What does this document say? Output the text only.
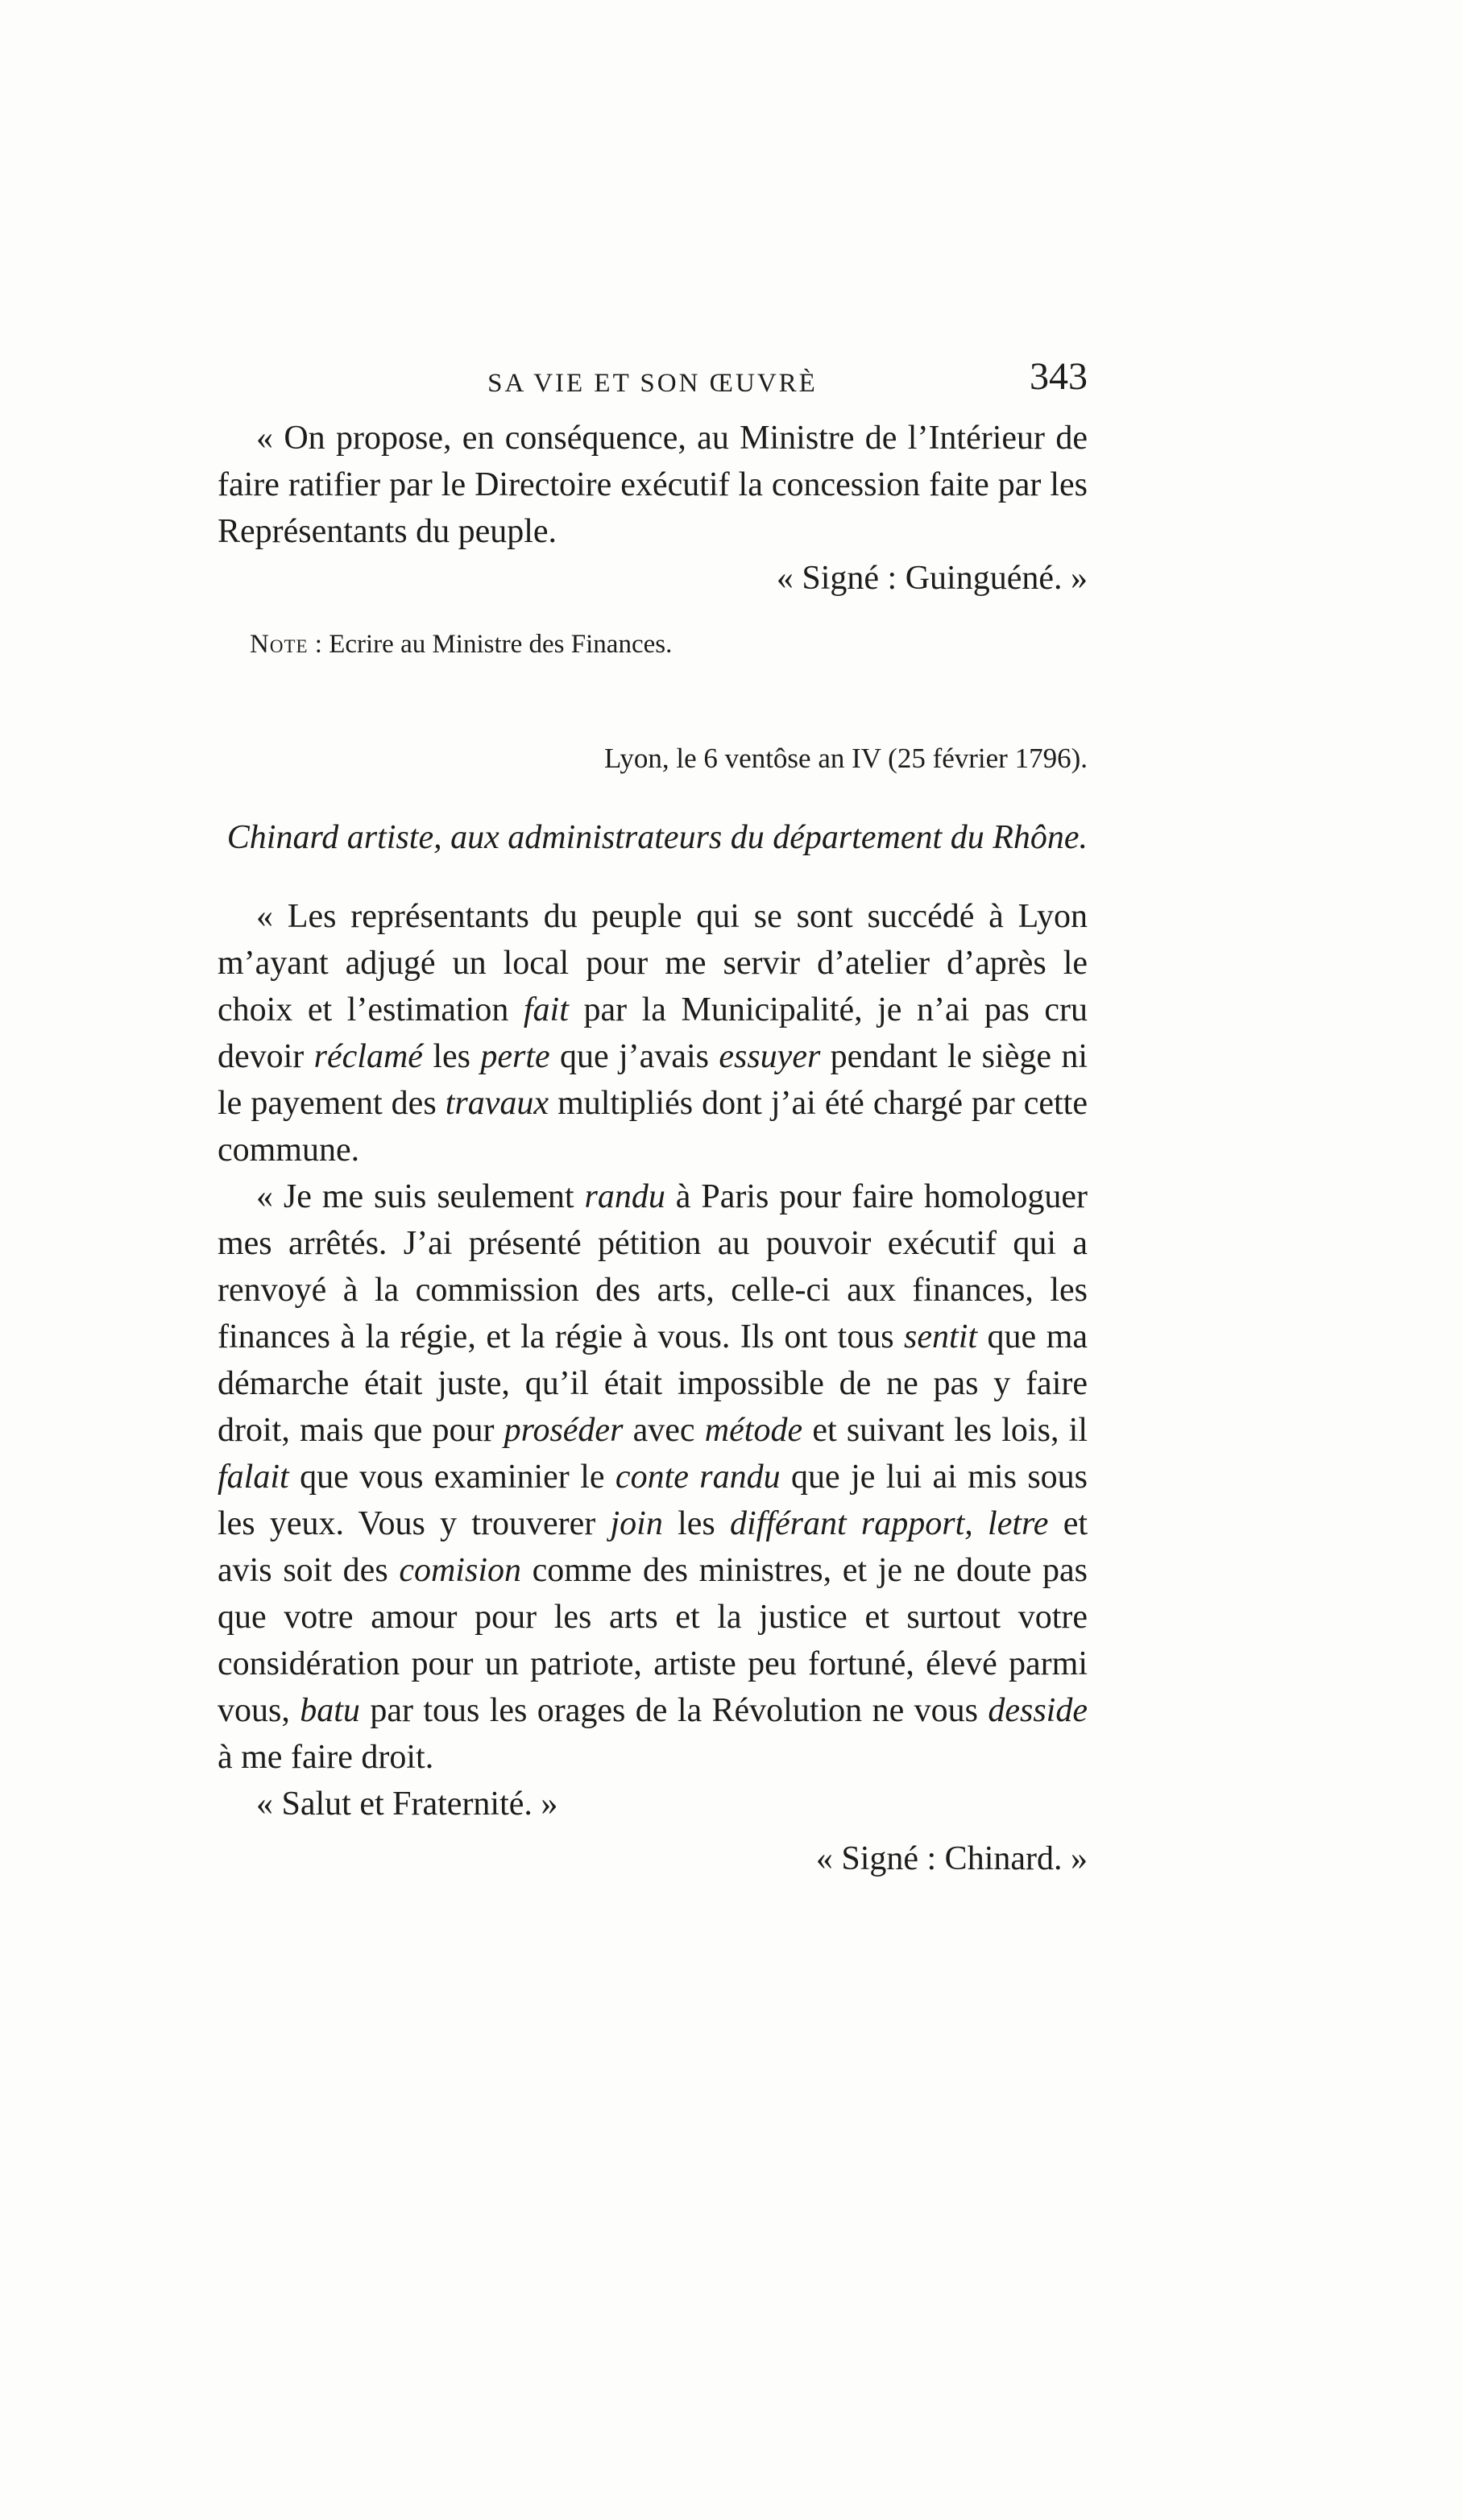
SA VIE ET SON ŒUVRÈ	343

« On propose, en conséquence, au Ministre de l’Intérieur de faire ratifier par le Directoire exécutif la concession faite par les Représentants du peuple.

« Signé : Guinguéné. »

Note : Ecrire au Ministre des Finances.

Lyon, le 6 ventôse an IV (25 février 1796).

Chinard artiste, aux administrateurs du département du Rhône.

« Les représentants du peuple qui se sont succédé à Lyon m’ayant adjugé un local pour me servir d’atelier d’après le choix et l’estimation fait par la Municipalité, je n’ai pas cru devoir réclamé les perte que j’avais essuyer pendant le siège ni le payement des travaux multipliés dont j’ai été chargé par cette commune.

« Je me suis seulement randu à Paris pour faire homologuer mes arrêtés. J’ai présenté pétition au pouvoir exécutif qui a renvoyé à la commission des arts, celle-ci aux finances, les finances à la régie, et la régie à vous. Ils ont tous sentit que ma démarche était juste, qu’il était impossible de ne pas y faire droit, mais que pour proséder avec métode et suivant les lois, il falait que vous examinier le conte randu que je lui ai mis sous les yeux. Vous y trouverer join les différant rapport, letre et avis soit des comision comme des ministres, et je ne doute pas que votre amour pour les arts et la justice et surtout votre considération pour un patriote, artiste peu fortuné, élevé parmi vous, batu par tous les orages de la Révolution ne vous desside à me faire droit.

« Salut et Fraternité. »

« Signé : Chinard. »
